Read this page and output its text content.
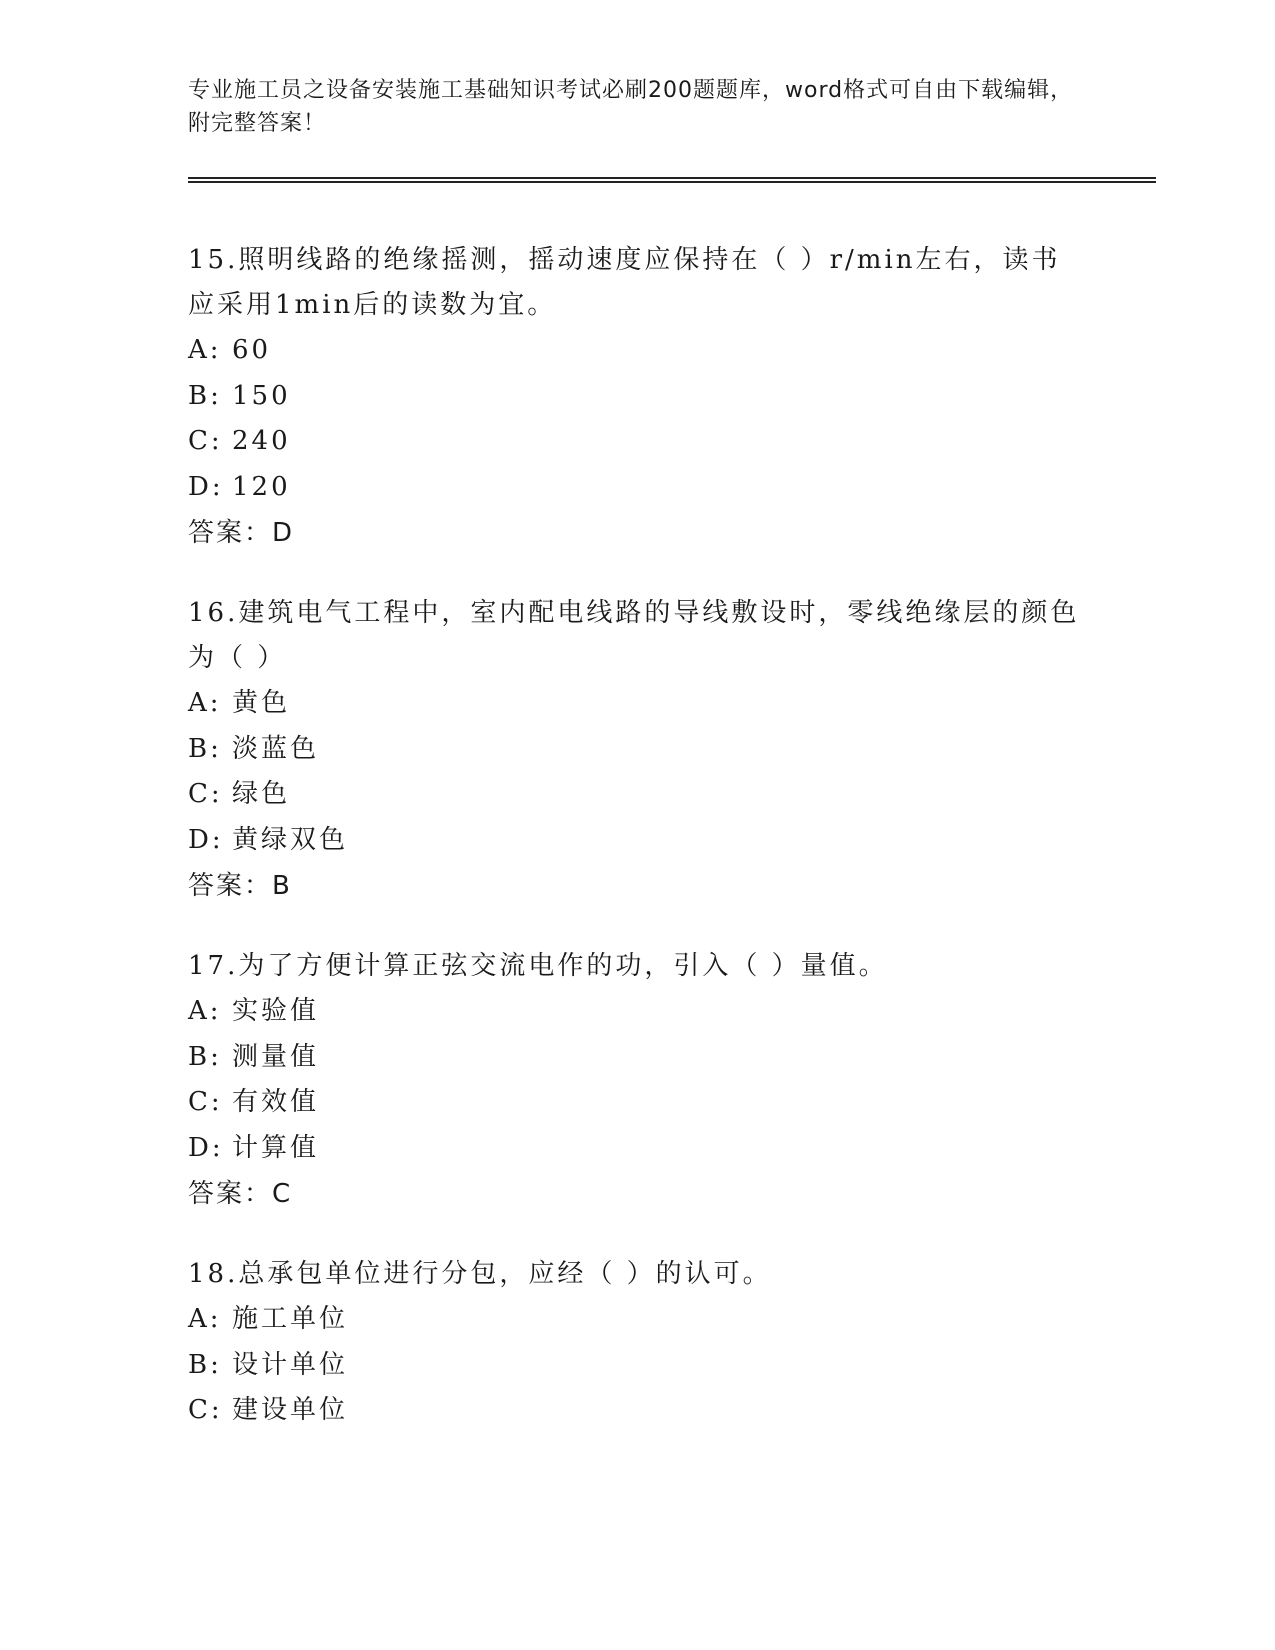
专业施工员之设备安装施工基础知识考试必刷200题题库，word格式可自由下载编辑，附完整答案！

15.照明线路的绝缘摇测，摇动速度应保持在（ ）r/min左右，读书应采用1min后的读数为宜。

A: 60
B: 150
C: 240
D: 120
答案：D

16.建筑电气工程中，室内配电线路的导线敷设时，零线绝缘层的颜色为（ ）

A: 黄色
B: 淡蓝色
C: 绿色
D: 黄绿双色
答案：B

17.为了方便计算正弦交流电作的功，引入（ ）量值。

A: 实验值
B: 测量值
C: 有效值
D: 计算值
答案：C

18.总承包单位进行分包，应经（ ）的认可。

A: 施工单位
B: 设计单位
C: 建设单位
